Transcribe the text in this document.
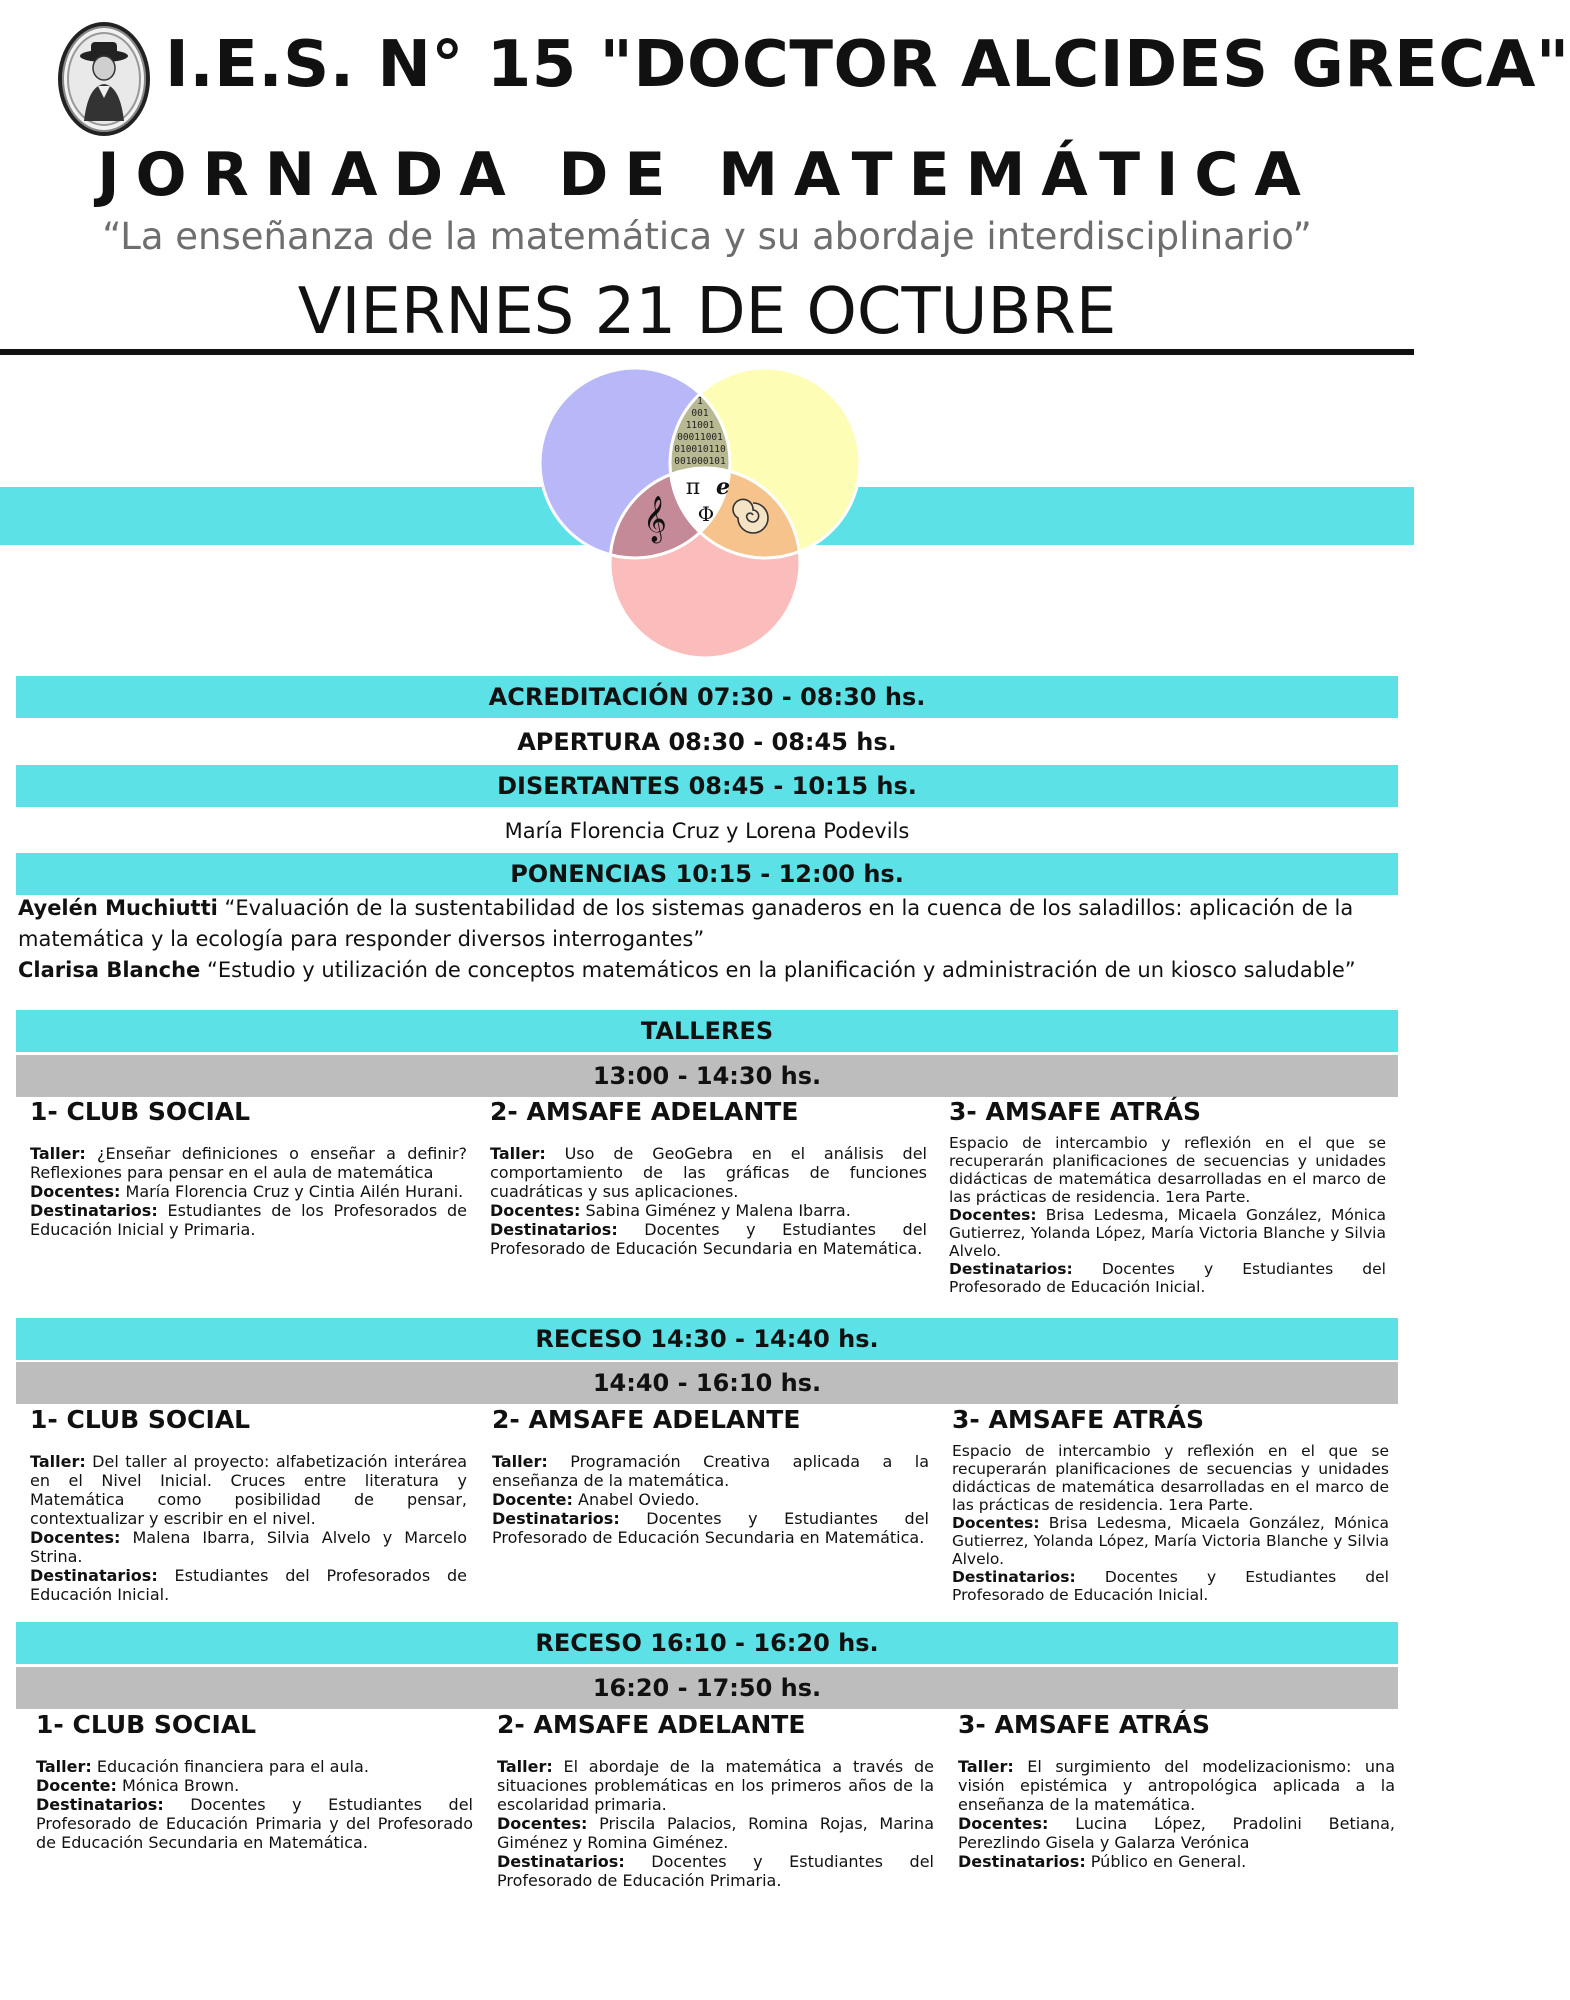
I.E.S. N° 15 "DOCTOR ALCIDES GRECA"
JORNADA DE MATEMÁTICA
“La enseñanza de la matemática y su abordaje interdisciplinario”
VIERNES 21 DE OCTUBRE
1
001
11001
00011001
010010110
001000101
π e
Φ
𝄞
ACREDITACIÓN 07:30 - 08:30 hs.
APERTURA 08:30 - 08:45 hs.
DISERTANTES 08:45 - 10:15 hs.
María Florencia Cruz y Lorena Podevils
PONENCIAS 10:15 - 12:00 hs.
Ayelén Muchiutti “Evaluación de la sustentabilidad de los sistemas ganaderos en la cuenca de los saladillos: aplicación de la matemática y la ecología para responder diversos interrogantes”
Clarisa Blanche “Estudio y utilización de conceptos matemáticos en la planificación y administración de un kiosco saludable”
TALLERES
13:00 - 14:30 hs.
1- CLUB SOCIAL

Taller: ¿Enseñar definiciones o enseñar a definir? Reflexiones para pensar en el aula de matemática

Docentes: María Florencia Cruz y Cintia Ailén Hurani.

Destinatarios: Estudiantes de los Profesorados de Educación Inicial y Primaria.

2- AMSAFE ADELANTE

Taller: Uso de GeoGebra en el análisis del comportamiento de las gráficas de funciones cuadráticas y sus aplicaciones.

Docentes: Sabina Giménez y Malena Ibarra.

Destinatarios: Docentes y Estudiantes del Profesorado de Educación Secundaria en Matemática.

3- AMSAFE ATRÁS

Espacio de intercambio y reflexión en el que se recuperarán planificaciones de secuencias y unidades didácticas de matemática desarrolladas en el marco de las prácticas de residencia. 1era Parte.

Docentes: Brisa Ledesma, Micaela González, Mónica Gutierrez, Yolanda López, María Victoria Blanche y Silvia Alvelo.

Destinatarios: Docentes y Estudiantes del Profesorado de Educación Inicial.

RECESO 14:30 - 14:40 hs.
14:40 - 16:10 hs.
1- CLUB SOCIAL

Taller: Del taller al proyecto: alfabetización interárea en el Nivel Inicial. Cruces entre literatura y Matemática como posibilidad de pensar, contextualizar y escribir en el nivel.

Docentes: Malena Ibarra, Silvia Alvelo y Marcelo Strina.

Destinatarios: Estudiantes del Profesorados de Educación Inicial.

2- AMSAFE ADELANTE

Taller: Programación Creativa aplicada a la enseñanza de la matemática.

Docente: Anabel Oviedo.

Destinatarios: Docentes y Estudiantes del Profesorado de Educación Secundaria en Matemática.

3- AMSAFE ATRÁS

Espacio de intercambio y reflexión en el que se recuperarán planificaciones de secuencias y unidades didácticas de matemática desarrolladas en el marco de las prácticas de residencia. 1era Parte.

Docentes: Brisa Ledesma, Micaela González, Mónica Gutierrez, Yolanda López, María Victoria Blanche y Silvia Alvelo.

Destinatarios: Docentes y Estudiantes del Profesorado de Educación Inicial.

RECESO 16:10 - 16:20 hs.
16:20 - 17:50 hs.
1- CLUB SOCIAL

Taller: Educación financiera para el aula.

Docente: Mónica Brown.

Destinatarios: Docentes y Estudiantes del Profesorado de Educación Primaria y del Profesorado de Educación Secundaria en Matemática.

2- AMSAFE ADELANTE

Taller: El abordaje de la matemática a través de situaciones problemáticas en los primeros años de la escolaridad primaria.

Docentes: Priscila Palacios, Romina Rojas, Marina Giménez y Romina Giménez.

Destinatarios: Docentes y Estudiantes del Profesorado de Educación Primaria.

3- AMSAFE ATRÁS

Taller: El surgimiento del modelizacionismo: una visión epistémica y antropológica aplicada a la enseñanza de la matemática.

Docentes: Lucina López, Pradolini Betiana, Perezlindo Gisela y Galarza Verónica

Destinatarios: Público en General.
